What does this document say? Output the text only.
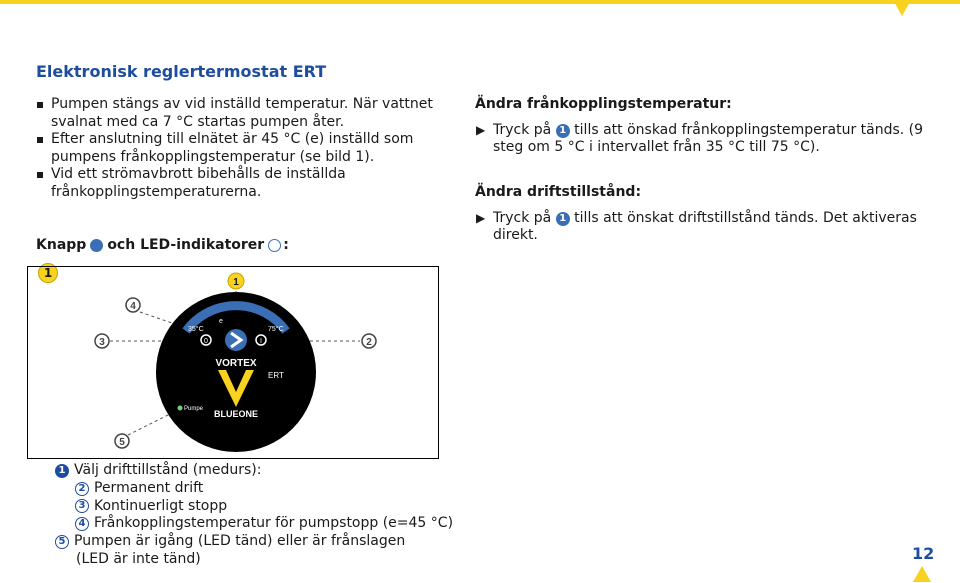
Elektronisk reglertermostat ERT
Pumpen stängs av vid inställd temperatur. När vattnet svalnat med ca 7 °C startas pumpen åter.
Efter anslutning till elnätet är 45 °C (e) inställd som pumpens frånkopplingstemperatur (se bild 1).
Vid ett strömavbrott bibehålls de inställda frånkopplingstemperaturerna.
Knapp och LED-indikatorer :
1
Ändra frånkopplingstemperatur:
▶ Tryck på 1 tills att önskad frånkopplingstemperatur tänds. (9 steg om 5 °C i intervallet från 35 °C till 75 °C).
Ändra driftstillstånd:
▶ Tryck på 1 tills att önskat driftstillstånd tänds. Det aktiveras direkt.
35°C	75°C
e
0	I
VORTEX
ERT
Pumpe BLUEONE
1
4
3	2
5
1 Välj drifttillstånd (medurs):
2 Permanent drift
3 Kontinuerligt stopp
4 Frånkopplingstemperatur för pumpstopp (e=45 °C)
5 Pumpen är igång (LED tänd) eller är frånslagen
(LED är inte tänd)	12
